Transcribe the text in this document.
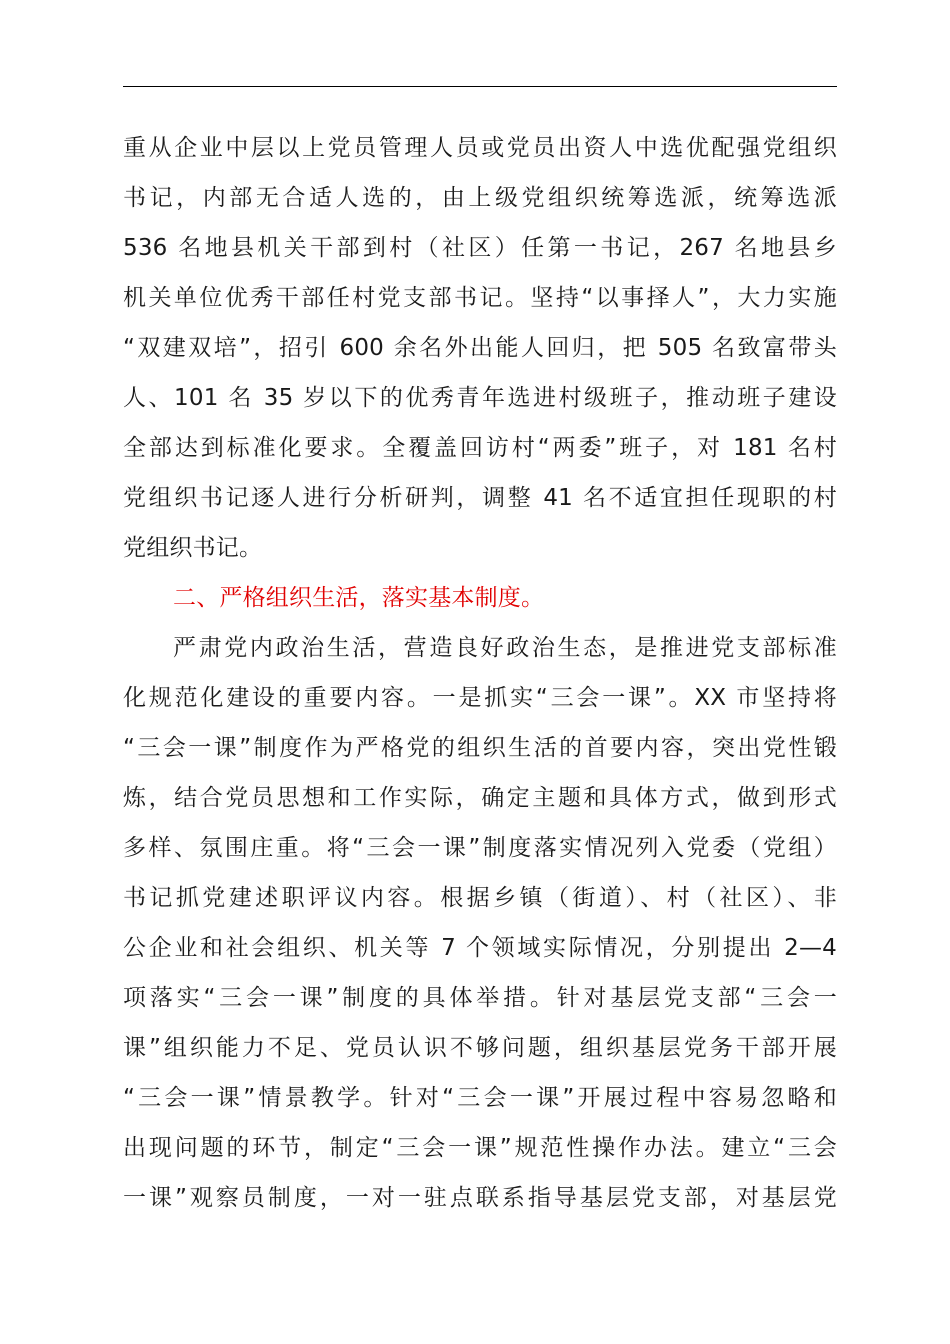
重从企业中层以上党员管理人员或党员出资人中选优配强党组织
书记，内部无合适人选的，由上级党组织统筹选派，统筹选派
536 名地县机关干部到村（社区）任第一书记，267 名地县乡
机关单位优秀干部任村党支部书记。坚持“以事择人”，大力实施
“双建双培”，招引 600 余名外出能人回归，把 505 名致富带头
人、101 名 35 岁以下的优秀青年选进村级班子，推动班子建设
全部达到标准化要求。全覆盖回访村“两委”班子，对 181 名村
党组织书记逐人进行分析研判，调整 41 名不适宜担任现职的村
党组织书记。
二、严格组织生活，落实基本制度。
严肃党内政治生活，营造良好政治生态，是推进党支部标准
化规范化建设的重要内容。一是抓实“三会一课”。XX 市坚持将
“三会一课”制度作为严格党的组织生活的首要内容，突出党性锻
炼，结合党员思想和工作实际，确定主题和具体方式，做到形式
多样、氛围庄重。将“三会一课”制度落实情况列入党委（党组）
书记抓党建述职评议内容。根据乡镇（街道）、村（社区）、非
公企业和社会组织、机关等 7 个领域实际情况，分别提出 2—4
项落实“三会一课”制度的具体举措。针对基层党支部“三会一
课”组织能力不足、党员认识不够问题，组织基层党务干部开展
“三会一课”情景教学。针对“三会一课”开展过程中容易忽略和
出现问题的环节，制定“三会一课”规范性操作办法。建立“三会
一课”观察员制度，一对一驻点联系指导基层党支部，对基层党
